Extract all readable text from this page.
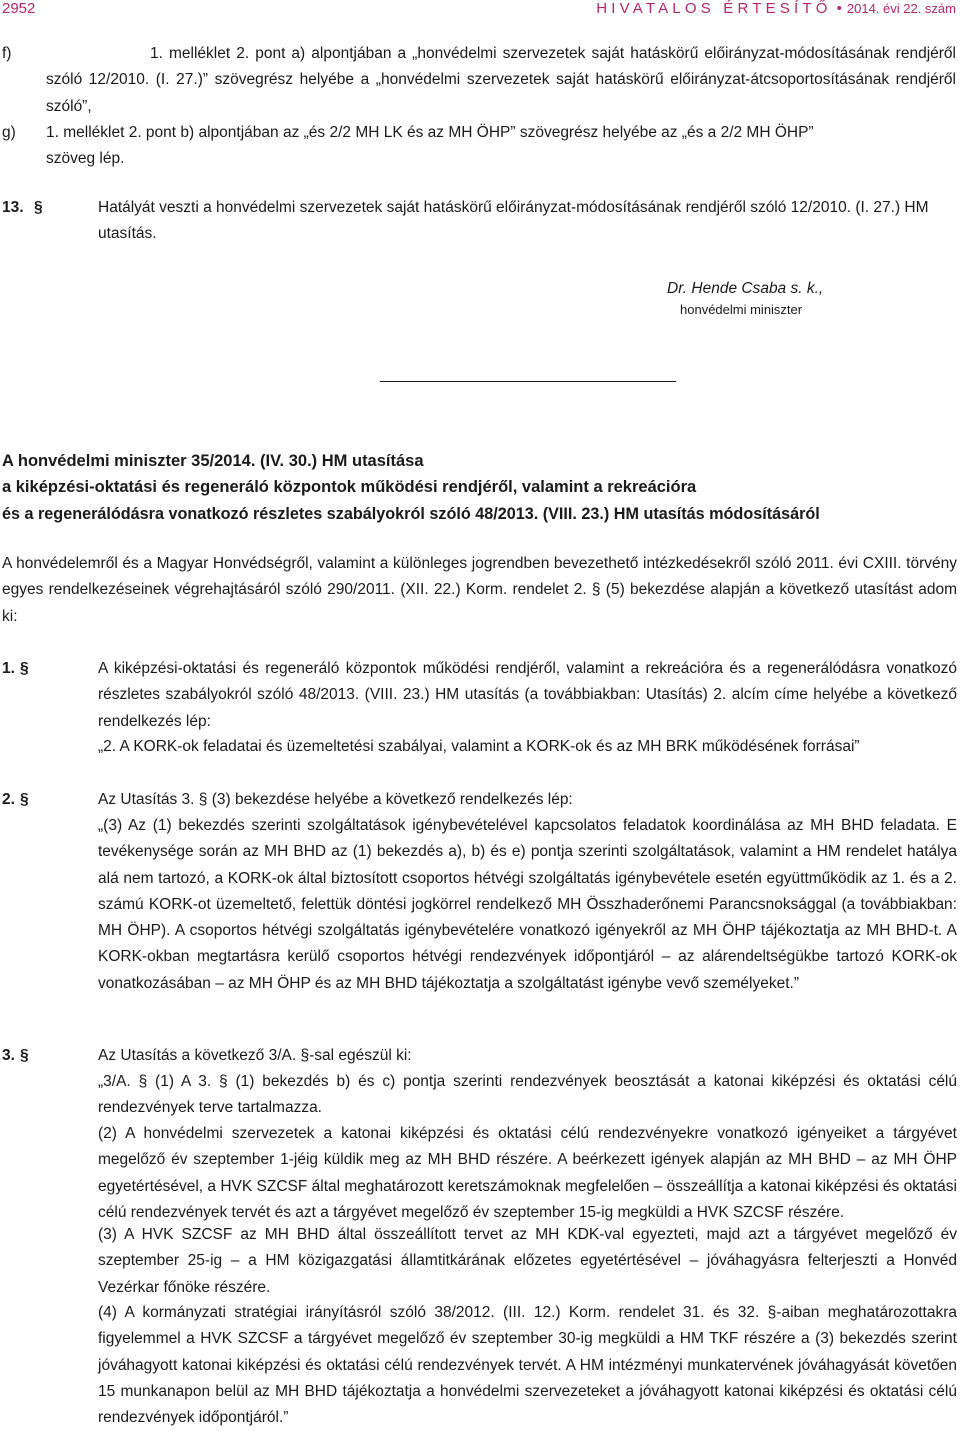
2952	HIVATALOS ÉRTESÍTŐ • 2014. évi 22. szám
f)	1. melléklet 2. pont a) alpontjában a „honvédelmi szervezetek saját hatáskörű előirányzat-módosításának rendjéről szóló 12/2010. (I. 27.)” szövegrész helyébe a „honvédelmi szervezetek saját hatáskörű előirányzat-átcsoportosításának rendjéről szóló”,
g)	1. melléklet 2. pont b) alpontjában az „és 2/2 MH LK és az MH ÖHP” szövegrész helyébe az „és a 2/2 MH ÖHP”
szöveg lép.
13. §	Hatályát veszti a honvédelmi szervezetek saját hatáskörű előirányzat-módosításának rendjéről szóló 12/2010. (I. 27.) HM utasítás.
Dr. Hende Csaba s. k.,
honvédelmi miniszter
A honvédelmi miniszter 35/2014. (IV. 30.) HM utasítása
a kiképzési-oktatási és regeneráló központok működési rendjéről, valamint a rekreációra
és a regenerálódásra vonatkozó részletes szabályokról szóló 48/2013. (VIII. 23.) HM utasítás módosításáról
A honvédelemről és a Magyar Honvédségről, valamint a különleges jogrendben bevezethető intézkedésekről szóló 2011. évi CXIII. törvény egyes rendelkezéseinek végrehajtásáról szóló 290/2011. (XII. 22.) Korm. rendelet 2. § (5) bekezdése alapján a következő utasítást adom ki:
1. §	A kiképzési-oktatási és regeneráló központok működési rendjéről, valamint a rekreációra és a regenerálódásra vonatkozó részletes szabályokról szóló 48/2013. (VIII. 23.) HM utasítás (a továbbiakban: Utasítás) 2. alcím címe helyébe a következő rendelkezés lép:
„2. A KORK-ok feladatai és üzemeltetési szabályai, valamint a KORK-ok és az MH BRK működésének forrásai”
2. §	Az Utasítás 3. § (3) bekezdése helyébe a következő rendelkezés lép:
„(3) Az (1) bekezdés szerinti szolgáltatások igénybevételével kapcsolatos feladatok koordinálása az MH BHD feladata. E tevékenysége során az MH BHD az (1) bekezdés a), b) és e) pontja szerinti szolgáltatások, valamint a HM rendelet hatálya alá nem tartozó, a KORK-ok által biztosított csoportos hétvégi szolgáltatás igénybevétele esetén együttműködik az 1. és a 2. számú KORK-ot üzemeltető, felettük döntési jogkörrel rendelkező MH Összhaderőnemi Parancsnoksággal (a továbbiakban: MH ÖHP). A csoportos hétvégi szolgáltatás igénybevételére vonatkozó igényekről az MH ÖHP tájékoztatja az MH BHD-t. A KORK-okban megtartásra kerülő csoportos hétvégi rendezvények időpontjáról – az alárendeltségükbe tartozó KORK-ok vonatkozásában – az MH ÖHP és az MH BHD tájékoztatja a szolgáltatást igénybe vevő személyeket.”
3. §	Az Utasítás a következő 3/A. §-sal egészül ki:
„3/A. § (1) A 3. § (1) bekezdés b) és c) pontja szerinti rendezvények beosztását a katonai kiképzési és oktatási célú rendezvények terve tartalmazza.
(2) A honvédelmi szervezetek a katonai kiképzési és oktatási célú rendezvényekre vonatkozó igényeiket a tárgyévet megelőző év szeptember 1-jéig küldik meg az MH BHD részére. A beérkezett igények alapján az MH BHD – az MH ÖHP egyetértésével, a HVK SZCSF által meghatározott keretszámoknak megfelelően – összeállítja a katonai kiképzési és oktatási célú rendezvények tervét és azt a tárgyévet megelőző év szeptember 15-ig megküldi a HVK SZCSF részére.
(3) A HVK SZCSF az MH BHD által összeállított tervet az MH KDK-val egyezteti, majd azt a tárgyévet megelőző év szeptember 25-ig – a HM közigazgatási államtitkárának előzetes egyetértésével – jóváhagyásra felterjeszti a Honvéd Vezérkar főnöke részére.
(4) A kormányzati stratégiai irányításról szóló 38/2012. (III. 12.) Korm. rendelet 31. és 32. §-aiban meghatározottakra figyelemmel a HVK SZCSF a tárgyévet megelőző év szeptember 30-ig megküldi a HM TKF részére a (3) bekezdés szerint jóváhagyott katonai kiképzési és oktatási célú rendezvények tervét. A HM intézményi munkatervének jóváhagyását követően 15 munkanapon belül az MH BHD tájékoztatja a honvédelmi szervezeteket a jóváhagyott katonai kiképzési és oktatási célú rendezvények időpontjáról.”
